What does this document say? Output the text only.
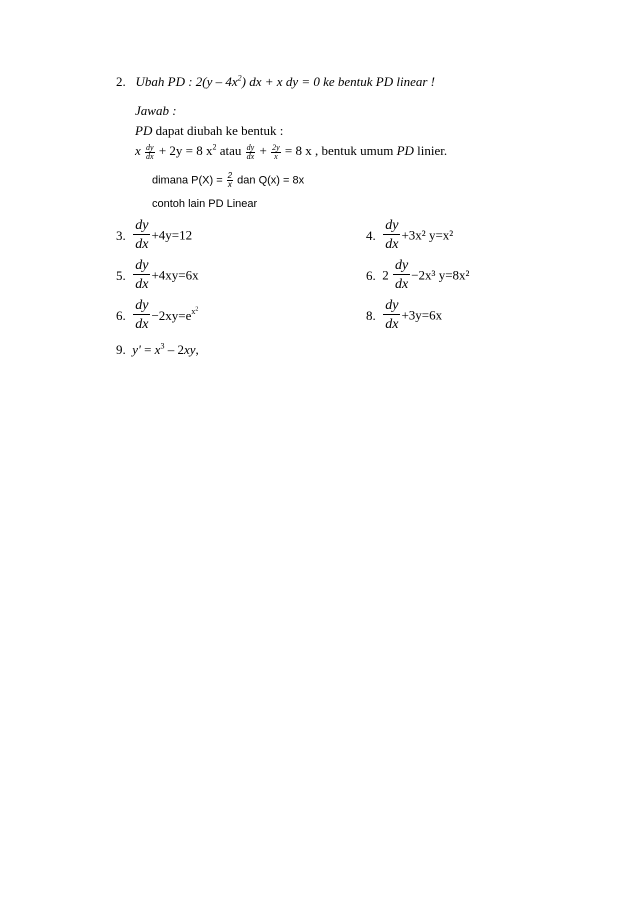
2. Ubah PD : $2(y - 4x^2)$ dx + x dy = 0 ke bentuk PD linear !
Jawab :
PD dapat diubah ke bentuk :
x $\frac{dy}{dx} + 2y = 8$ $x^2$ atau $\frac{dy}{dx} + \frac{2y}{x} = 8$ x , bentuk umum PD linier.
dimana $P(X) = \frac{2}{x}$ dan Q(x) = 8x
contoh lain PD Linear
3. $\frac{dy}{dx} +4y=12$	4. $\frac{dy}{dx} +3x^2$ y=x²
5. $\frac{dy}{dx} +4xy=6x$	6. $2 \frac{dy}{dx} -2x^3$ y=8x²
6. $\frac{dy}{dx} -2xy=e^{x^2}$	8. $\frac{dy}{dx} +3y=6x$
9. $y' = x^3 - 2xy$,
